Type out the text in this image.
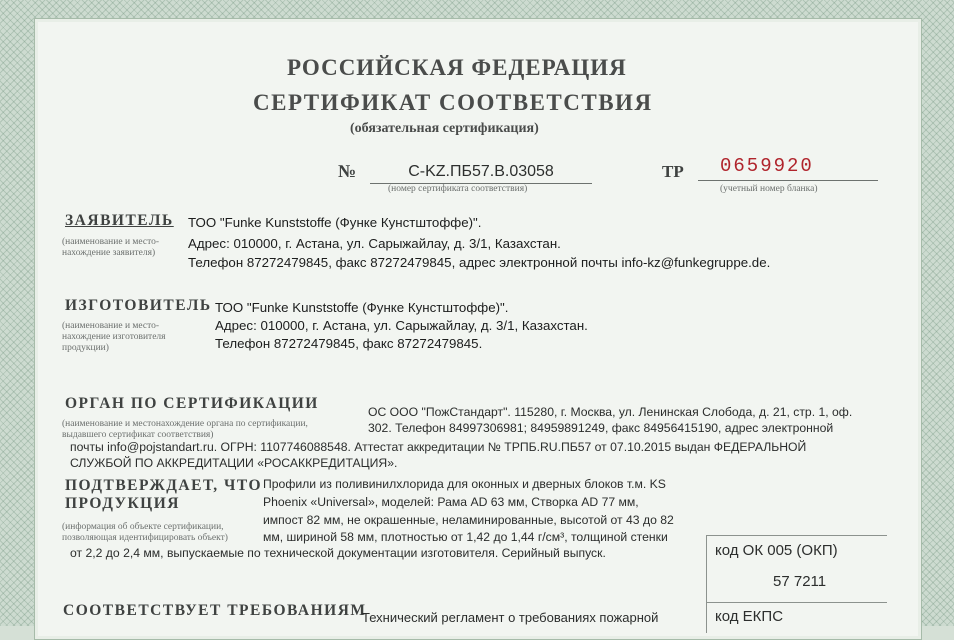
РОССИЙСКАЯ ФЕДЕРАЦИЯ
СЕРТИФИКАТ СООТВЕТСТВИЯ
(обязательная сертификация)
№	C-KZ.ПБ57.В.03058
(номер сертификата соответствия)
ТР	0659920
(учетный номер бланка)
ЗАЯВИТЕЛЬ
(наименование и место-нахождение заявителя)
ТОО "Funke Kunststoffe (Функе Кунстштоффе)".
Адрес: 010000, г. Астана, ул. Сарыжайлау, д. 3/1, Казахстан.
Телефон 87272479845, факс 87272479845, адрес электронной почты info-kz@funkegruppe.de.
ИЗГОТОВИТЕЛЬ
(наименование и место-нахождение изготовителя продукции)
ТОО "Funke Kunststoffe (Функе Кунстштоффе)".
Адрес: 010000, г. Астана, ул. Сарыжайлау, д. 3/1, Казахстан.
Телефон 87272479845, факс 87272479845.
ОРГАН ПО СЕРТИФИКАЦИИ
(наименование и местонахождение органа по сертификации, выдавшего сертификат соответствия)
ОС ООО "ПожСтандарт". 115280, г. Москва, ул. Ленинская Слобода, д. 21, стр. 1, оф.
302. Телефон 84997306981; 84959891249, факс 84956415190, адрес электронной
почты info@pojstandart.ru. ОГРН: 1107746088548. Аттестат аккредитации № ТРПБ.RU.ПБ57 от 07.10.2015 выдан ФЕДЕРАЛЬНОЙ
СЛУЖБОЙ ПО АККРЕДИТАЦИИ «РОСАККРЕДИТАЦИЯ».
ПОДТВЕРЖДАЕТ, ЧТО
ПРОДУКЦИЯ
(информация об объекте сертификации, позволяющая идентифицировать объект)
Профили из поливинилхлорида для оконных и дверных блоков т.м. KS
Phoenix «Universal», моделей: Рама AD 63 мм, Створка AD 77 мм,
импост 82 мм, не окрашенные, неламинированные, высотой от 43 до 82
мм, шириной 58 мм, плотностью от 1,42 до 1,44 г/см³, толщиной стенки
от 2,2 до 2,4 мм, выпускаемые по технической документации изготовителя. Серийный выпуск.	код ОК 005 (ОКП)
57 7211
СООТВЕТСТВУЕТ ТРЕБОВАНИЯМ
Технический регламент о требованиях пожарной	код ЕКПС
